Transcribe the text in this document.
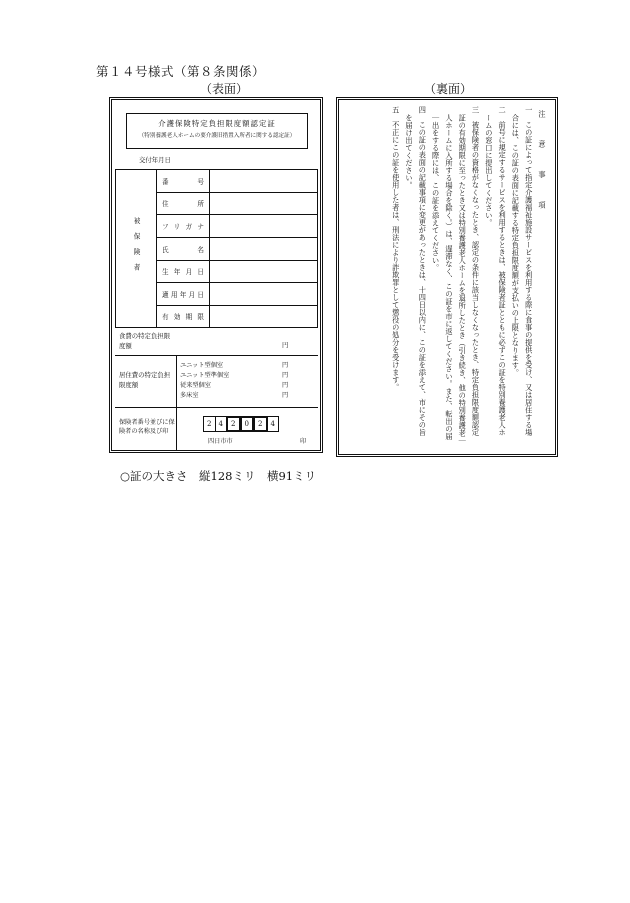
第１４号様式（第８条関係）
（表面）	（裏面）
介護保険特定負担限度額認定証
（特別養護老人ホームの要介護旧措置入所者に関する認定証）
交付年月日
被保険者	番号	
	住所	
	フリガナ	
	氏名	
	生年月日	
	適用年月日	
	有効期限	
食費の特定負担限度額	円
居住費の特定負担限度額
ユニット型個室	円
ユニット型準個室	円
従来型個室	円
多床室	円
保険者番号並びに保険者の名称及び印
2	4	2	0	2	4
四日市市	印

注　意　事　項

一　この証によって指定介護福祉施設サービスを利用する際に食事の提供を受け、又は居住する場

合には、この証の表面に記載する特定負担限度額が支払いの上限となります。

二　前号に規定するサービスを利用するときは、被保険者証とともに必ずこの証を特別養護老人ホ

ームの窓口に提出してください。

三　被保険者の資格がなくなったとき、認定の条件に該当しなくなったとき、特定負担限度額認定

証の有効期限に至ったとき又は特別養護老人ホームを退所したとき（引き続き、他の特別養護老｜人ホームに入所する場合を除く。）は、遅滞なく、この証を市に返してください。また、転出の届｜出をする際には、この証を添えてください。

四　この証の表面の記載事項に変更があったときは、十四日以内に、この証を添えて、市にその旨

を届け出てください。

五　不正にこの証を使用した者は、刑法により詐欺罪として懲役の処分を受けます。

○証の大きさ　縦128ミリ　横91ミリ
